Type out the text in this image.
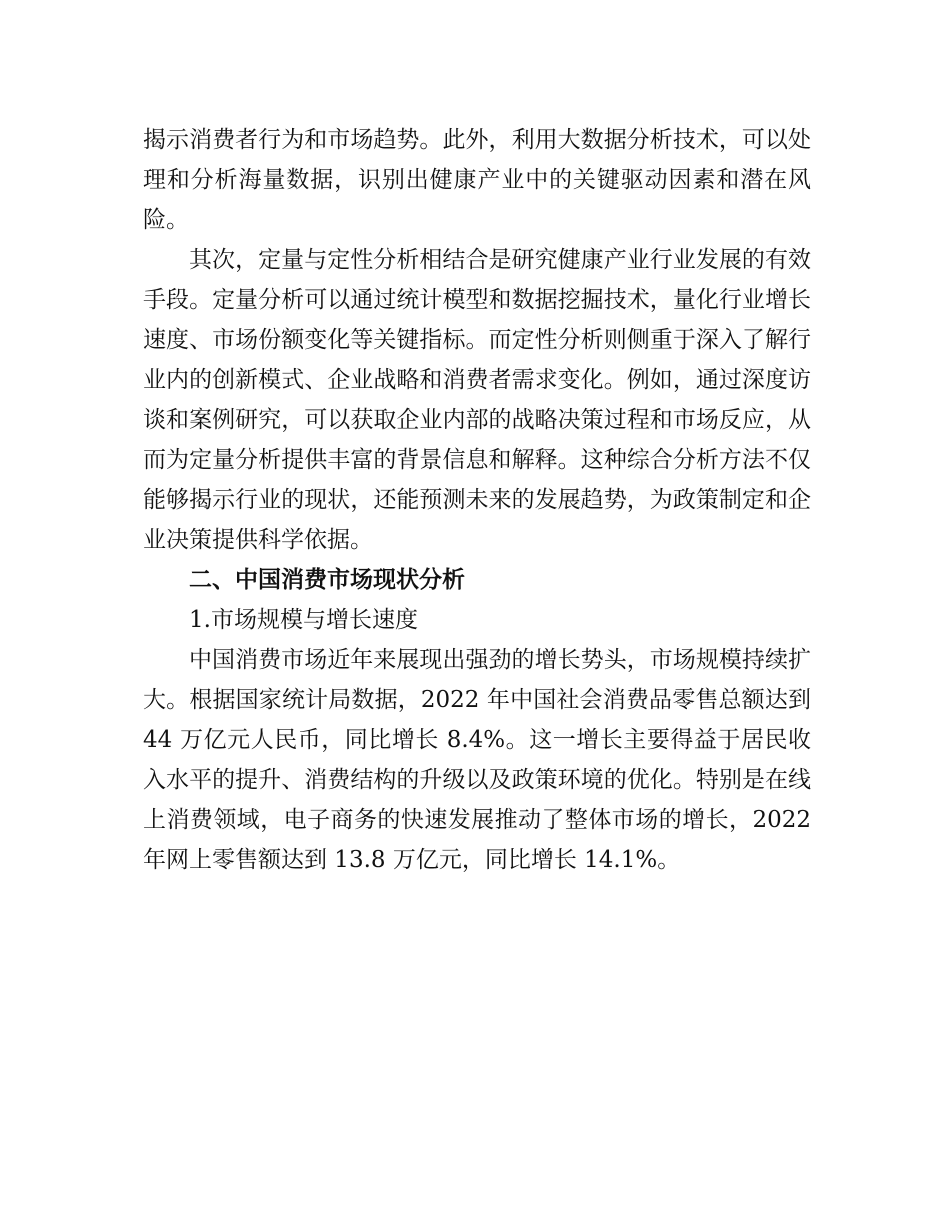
揭示消费者行为和市场趋势。此外，利用大数据分析技术，可以处理和分析海量数据，识别出健康产业中的关键驱动因素和潜在风险。

其次，定量与定性分析相结合是研究健康产业行业发展的有效手段。定量分析可以通过统计模型和数据挖掘技术，量化行业增长速度、市场份额变化等关键指标。而定性分析则侧重于深入了解行业内的创新模式、企业战略和消费者需求变化。例如，通过深度访谈和案例研究，可以获取企业内部的战略决策过程和市场反应，从而为定量分析提供丰富的背景信息和解释。这种综合分析方法不仅能够揭示行业的现状，还能预测未来的发展趋势，为政策制定和企业决策提供科学依据。

二、中国消费市场现状分析

1.市场规模与增长速度

中国消费市场近年来展现出强劲的增长势头，市场规模持续扩大。根据国家统计局数据，2022 年中国社会消费品零售总额达到 44 万亿元人民币，同比增长 8.4%。这一增长主要得益于居民收入水平的提升、消费结构的升级以及政策环境的优化。特别是在线上消费领域，电子商务的快速发展推动了整体市场的增长，2022 年网上零售额达到 13.8 万亿元，同比增长 14.1%。
